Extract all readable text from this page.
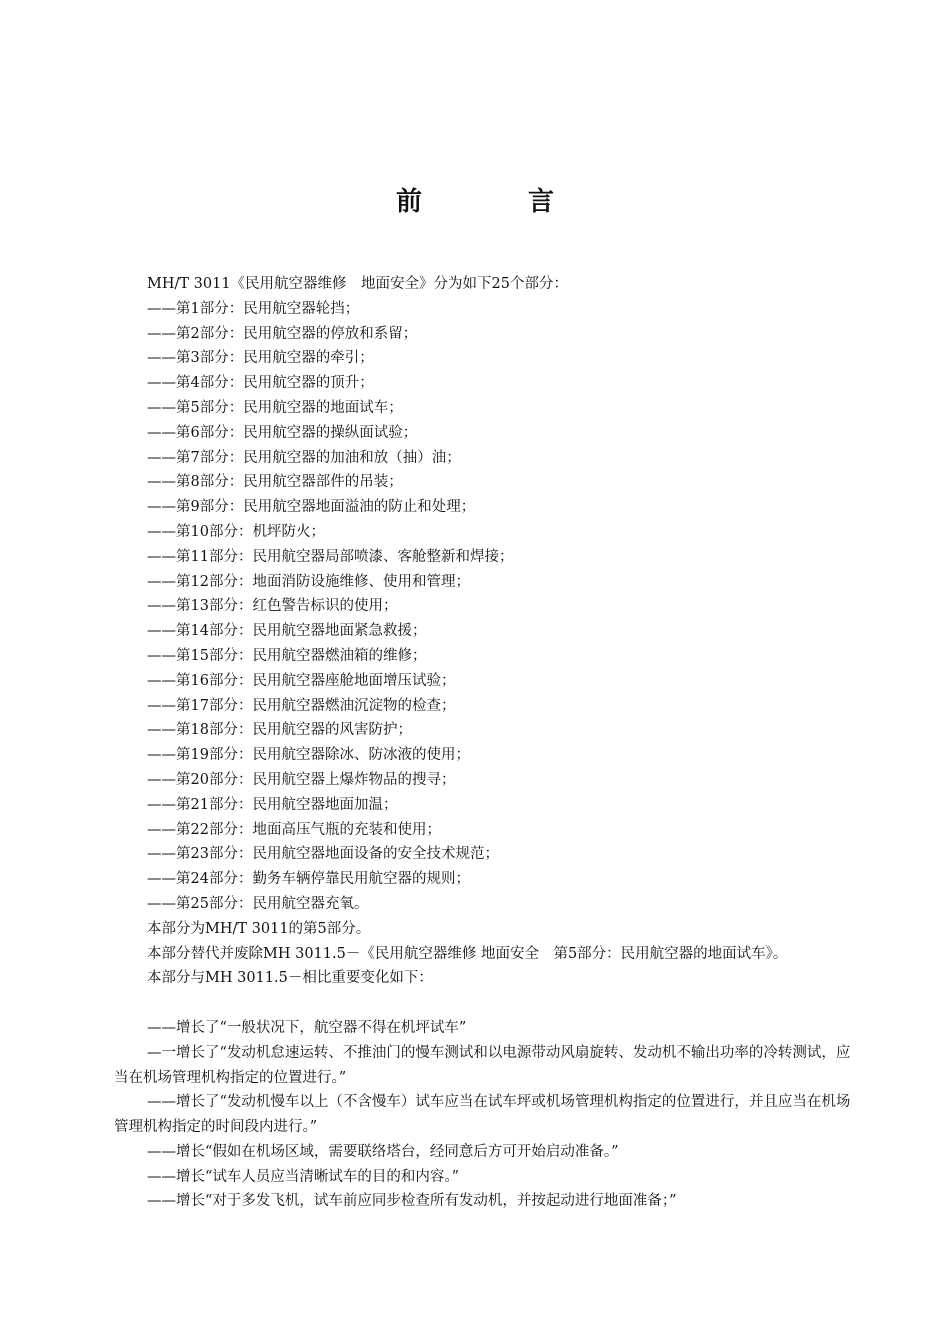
前　言
MH/T 3011《民用航空器维修　地面安全》分为如下25个部分：
——第1部分：民用航空器轮挡；
——第2部分：民用航空器的停放和系留；
——第3部分：民用航空器的牵引；
——第4部分：民用航空器的顶升；
——第5部分：民用航空器的地面试车；
——第6部分：民用航空器的操纵面试验；
——第7部分：民用航空器的加油和放（抽）油；
——第8部分：民用航空器部件的吊装；
——第9部分：民用航空器地面溢油的防止和处理；
——第10部分：机坪防火；
——第11部分：民用航空器局部喷漆、客舱整新和焊接；
——第12部分：地面消防设施维修、使用和管理；
——第13部分：红色警告标识的使用；
——第14部分：民用航空器地面紧急救援；
——第15部分：民用航空器燃油箱的维修；
——第16部分：民用航空器座舱地面增压试验；
——第17部分：民用航空器燃油沉淀物的检查；
——第18部分：民用航空器的风害防护；
——第19部分：民用航空器除冰、防冰液的使用；
——第20部分：民用航空器上爆炸物品的搜寻；
——第21部分：民用航空器地面加温；
——第22部分：地面高压气瓶的充装和使用；
——第23部分：民用航空器地面设备的安全技术规范；
——第24部分：勤务车辆停靠民用航空器的规则；
——第25部分：民用航空器充氧。
本部分为MH/T 3011的第5部分。
本部分替代并废除MH 3011.5－《民用航空器维修 地面安全　第5部分：民用航空器的地面试车》。
本部分与MH 3011.5－相比重要变化如下：
——增长了“一般状况下，航空器不得在机坪试车”
—一增长了“发动机怠速运转、不推油门的慢车测试和以电源带动风扇旋转、发动机不输出功率的冷转测试，应当在机场管理机构指定的位置进行。”
——增长了“发动机慢车以上（不含慢车）试车应当在试车坪或机场管理机构指定的位置进行，并且应当在机场管理机构指定的时间段内进行。”
——增长“假如在机场区域，需要联络塔台，经同意后方可开始启动准备。”
——增长“试车人员应当清晰试车的目的和内容。”
——增长“对于多发飞机，试车前应同步检查所有发动机，并按起动进行地面准备；”
